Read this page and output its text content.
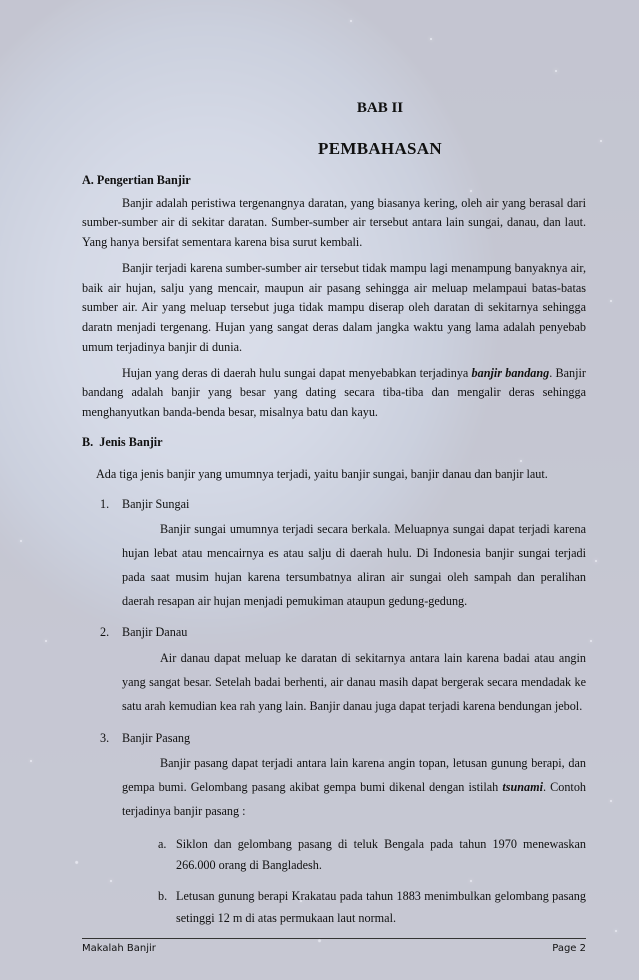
BAB II

PEMBAHASAN

A. Pengertian Banjir

Banjir adalah peristiwa tergenangnya daratan, yang biasanya kering, oleh air yang berasal dari sumber-sumber air di sekitar daratan. Sumber-sumber air tersebut antara lain sungai, danau, dan laut. Yang hanya bersifat sementara karena bisa surut kembali.

Banjir terjadi karena sumber-sumber air tersebut tidak mampu lagi menampung banyaknya air, baik air hujan, salju yang mencair, maupun air pasang sehingga air meluap melampaui batas-batas sumber air. Air yang meluap tersebut juga tidak mampu diserap oleh daratan di sekitarnya sehingga daratn menjadi tergenang. Hujan yang sangat deras dalam jangka waktu yang lama adalah penyebab umum terjadinya banjir di dunia.

Hujan yang deras di daerah hulu sungai dapat menyebabkan terjadinya banjir bandang. Banjir bandang adalah banjir yang besar yang dating secara tiba-tiba dan mengalir deras sehingga menghanyutkan banda-benda besar, misalnya batu dan kayu.

B.  Jenis Banjir
Ada tiga jenis banjir yang umumnya terjadi, yaitu banjir sungai, banjir danau dan banjir laut.
1. Banjir Sungai
Banjir sungai umumnya terjadi secara berkala. Meluapnya sungai dapat terjadi karena hujan lebat atau mencairnya es atau salju di daerah hulu. Di Indonesia banjir sungai terjadi pada saat musim hujan karena tersumbatnya aliran air sungai oleh sampah dan peralihan daerah resapan air hujan menjadi pemukiman ataupun gedung-gedung.
2. Banjir Danau
Air danau dapat meluap ke daratan di sekitarnya antara lain karena badai atau angin yang sangat besar. Setelah badai berhenti, air danau masih dapat bergerak secara mendadak ke satu arah kemudian kea rah yang lain. Banjir danau juga dapat terjadi karena bendungan jebol.
3. Banjir Pasang
Banjir pasang dapat terjadi antara lain karena angin topan, letusan gunung berapi, dan gempa bumi. Gelombang pasang akibat gempa bumi dikenal dengan istilah tsunami. Contoh terjadinya banjir pasang :
a. Siklon dan gelombang pasang di teluk Bengala pada tahun 1970 menewaskan 266.000 orang di Bangladesh.
b. Letusan gunung berapi Krakatau pada tahun 1883 menimbulkan gelombang pasang setinggi 12 m di atas permukaan laut normal.
Makalah Banjir	Page 2
